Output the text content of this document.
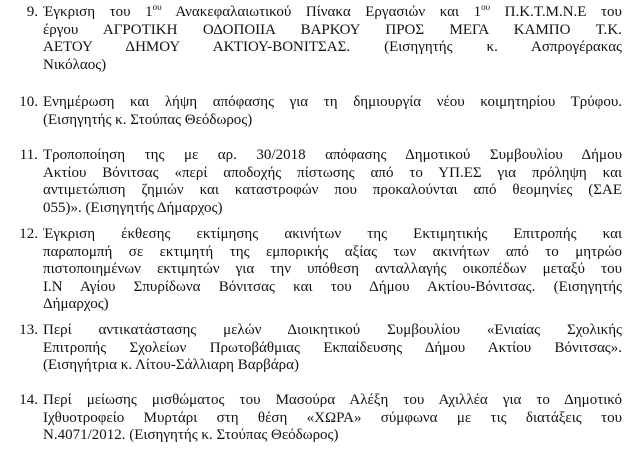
9. Έγκριση του $1^{o\upsilon}$ Ανακεφαλαιωτικού Πίνακα Εργασιών και $1^{o\upsilon}$ Π.Κ.Τ.Μ.Ν.Ε του
έργου ΑΓΡΟΤΙΚΗ ΟΔΟΠΟΙΙΑ ΒΑΡΚΟΥ ΠΡΟΣ ΜΕΓΑ ΚΑΜΠΟ Τ.Κ.
ΑΕΤΟΥ ΔΗΜΟΥ ΑΚΤΙΟΥ-ΒΟΝΙΤΣΑΣ. (Εισηγητής κ. Ασπρογέρακας
Νικόλαος)
10. Ενημέρωση και λήψη απόφασης για τη δημιουργία νέου κοιμητηρίου Τρύφου.
(Εισηγητής κ. Στούπας Θεόδωρος)
11. Τροποποίηση της με αρ. 30/2018 απόφασης Δημοτικού Συμβουλίου Δήμου
Ακτίου Βόνιτσας «περί αποδοχής πίστωσης από το ΥΠ.ΕΣ για πρόληψη και
αντιμετώπιση ζημιών και καταστροφών που προκαλούνται από θεομηνίες (ΣΑΕ
055)». (Εισηγητής Δήμαρχος)
12. Έγκριση έκθεσης εκτίμησης ακινήτων της Εκτιμητικής Επιτροπής και
παραπομπή σε εκτιμητή της εμπορικής αξίας των ακινήτων από το μητρώο
πιστοποιημένων εκτιμητών για την υπόθεση ανταλλαγής οικοπέδων μεταξύ του
Ι.Ν Αγίου Σπυρίδωνα Βόνιτσας και του Δήμου Ακτίου-Βόνιτσας. (Εισηγητής
Δήμαρχος)
13. Περί αντικατάστασης μελών Διοικητικού Συμβουλίου «Ενιαίας Σχολικής
Επιτροπής Σχολείων Πρωτοβάθμιας Εκπαίδευσης Δήμου Ακτίου Βόνιτσας».
(Εισηγήτρια κ. Λίτου-Σάλλιαρη Βαρβάρα)
14. Περί μείωσης μισθώματος του Μασούρα Αλέξη του Αχιλλέα για το Δημοτικό
Ιχθυοτροφείο Μυρτάρι στη θέση «ΧΩΡΑ» σύμφωνα με τις διατάξεις του
Ν.4071/2012. (Εισηγητής κ. Στούπας Θεόδωρος)
